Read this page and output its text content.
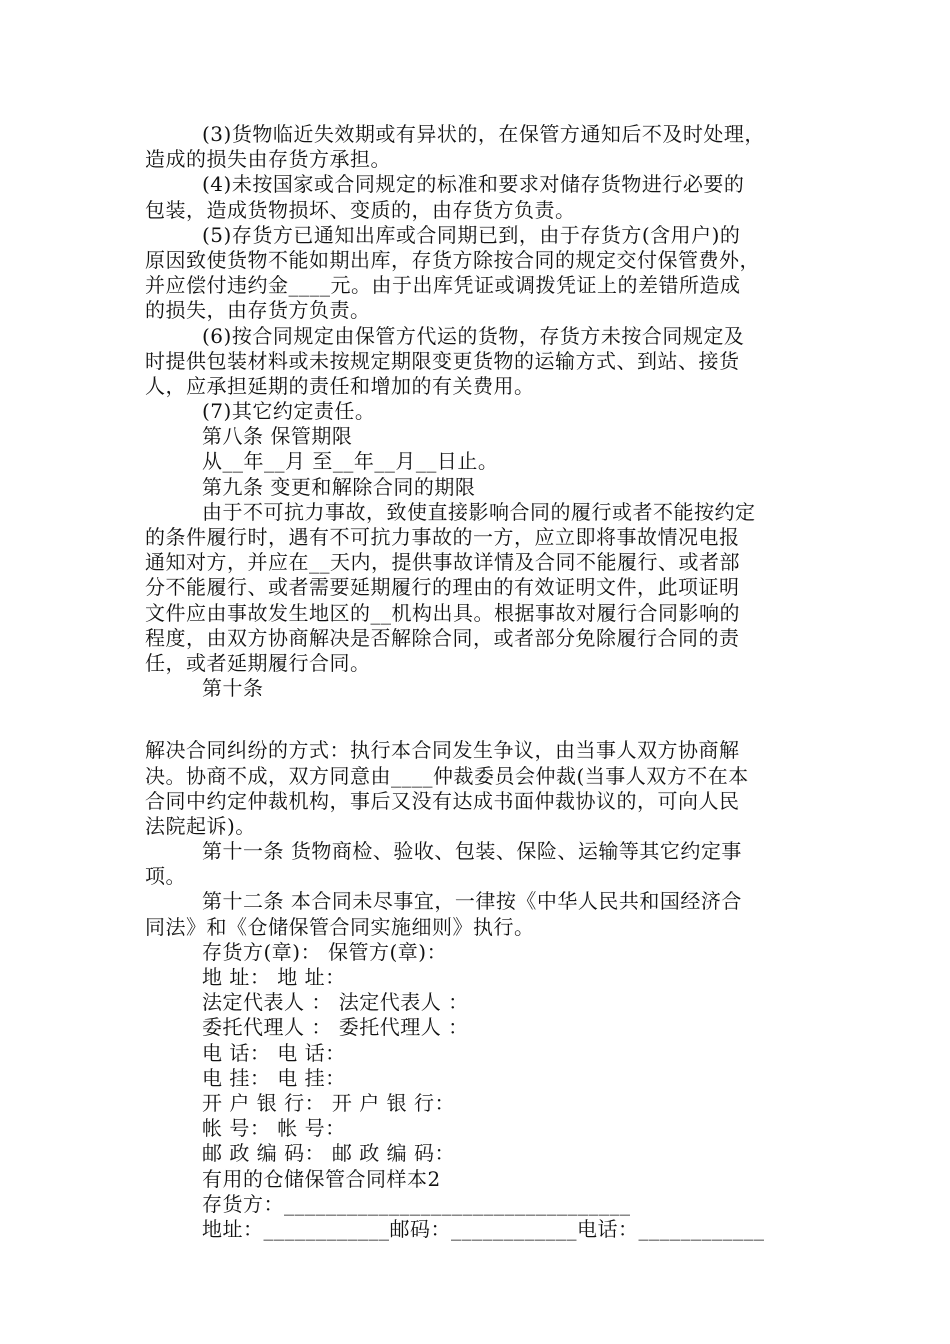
(3)货物临近失效期或有异状的，在保管方通知后不及时处理，
造成的损失由存货方承担。
(4)未按国家或合同规定的标准和要求对储存货物进行必要的
包装，造成货物损坏、变质的，由存货方负责。
(5)存货方已通知出库或合同期已到，由于存货方(含用户)的
原因致使货物不能如期出库，存货方除按合同的规定交付保管费外，
并应偿付违约金____元。由于出库凭证或调拨凭证上的差错所造成
的损失，由存货方负责。
(6)按合同规定由保管方代运的货物，存货方未按合同规定及
时提供包装材料或未按规定期限变更货物的运输方式、到站、接货
人，应承担延期的责任和增加的有关费用。
(7)其它约定责任。
第八条 保管期限
从__年__月 至__年__月__日止。
第九条 变更和解除合同的期限
由于不可抗力事故，致使直接影响合同的履行或者不能按约定
的条件履行时，遇有不可抗力事故的一方，应立即将事故情况电报
通知对方，并应在__天内，提供事故详情及合同不能履行、或者部
分不能履行、或者需要延期履行的理由的有效证明文件，此项证明
文件应由事故发生地区的__机构出具。根据事故对履行合同影响的
程度，由双方协商解决是否解除合同，或者部分免除履行合同的责
任，或者延期履行合同。
第十条
解决合同纠纷的方式：执行本合同发生争议，由当事人双方协商解
决。协商不成，双方同意由____仲裁委员会仲裁(当事人双方不在本
合同中约定仲裁机构，事后又没有达成书面仲裁协议的，可向人民
法院起诉)。
第十一条 货物商检、验收、包装、保险、运输等其它约定事
项。
第十二条 本合同未尽事宜，一律按《中华人民共和国经济合
同法》和《仓储保管合同实施细则》执行。
存货方(章)： 保管方(章)：
地 址： 地 址：
法定代表人 ： 法定代表人 ：
委托代理人 ： 委托代理人 ：
电 话： 电 话：
电 挂： 电 挂：
开 户 银 行： 开 户 银 行：
帐 号： 帐 号：
邮 政 编 码： 邮 政 编 码：
有用的仓储保管合同样本2
存货方：_________________________________
地址：____________邮码：____________电话：____________
